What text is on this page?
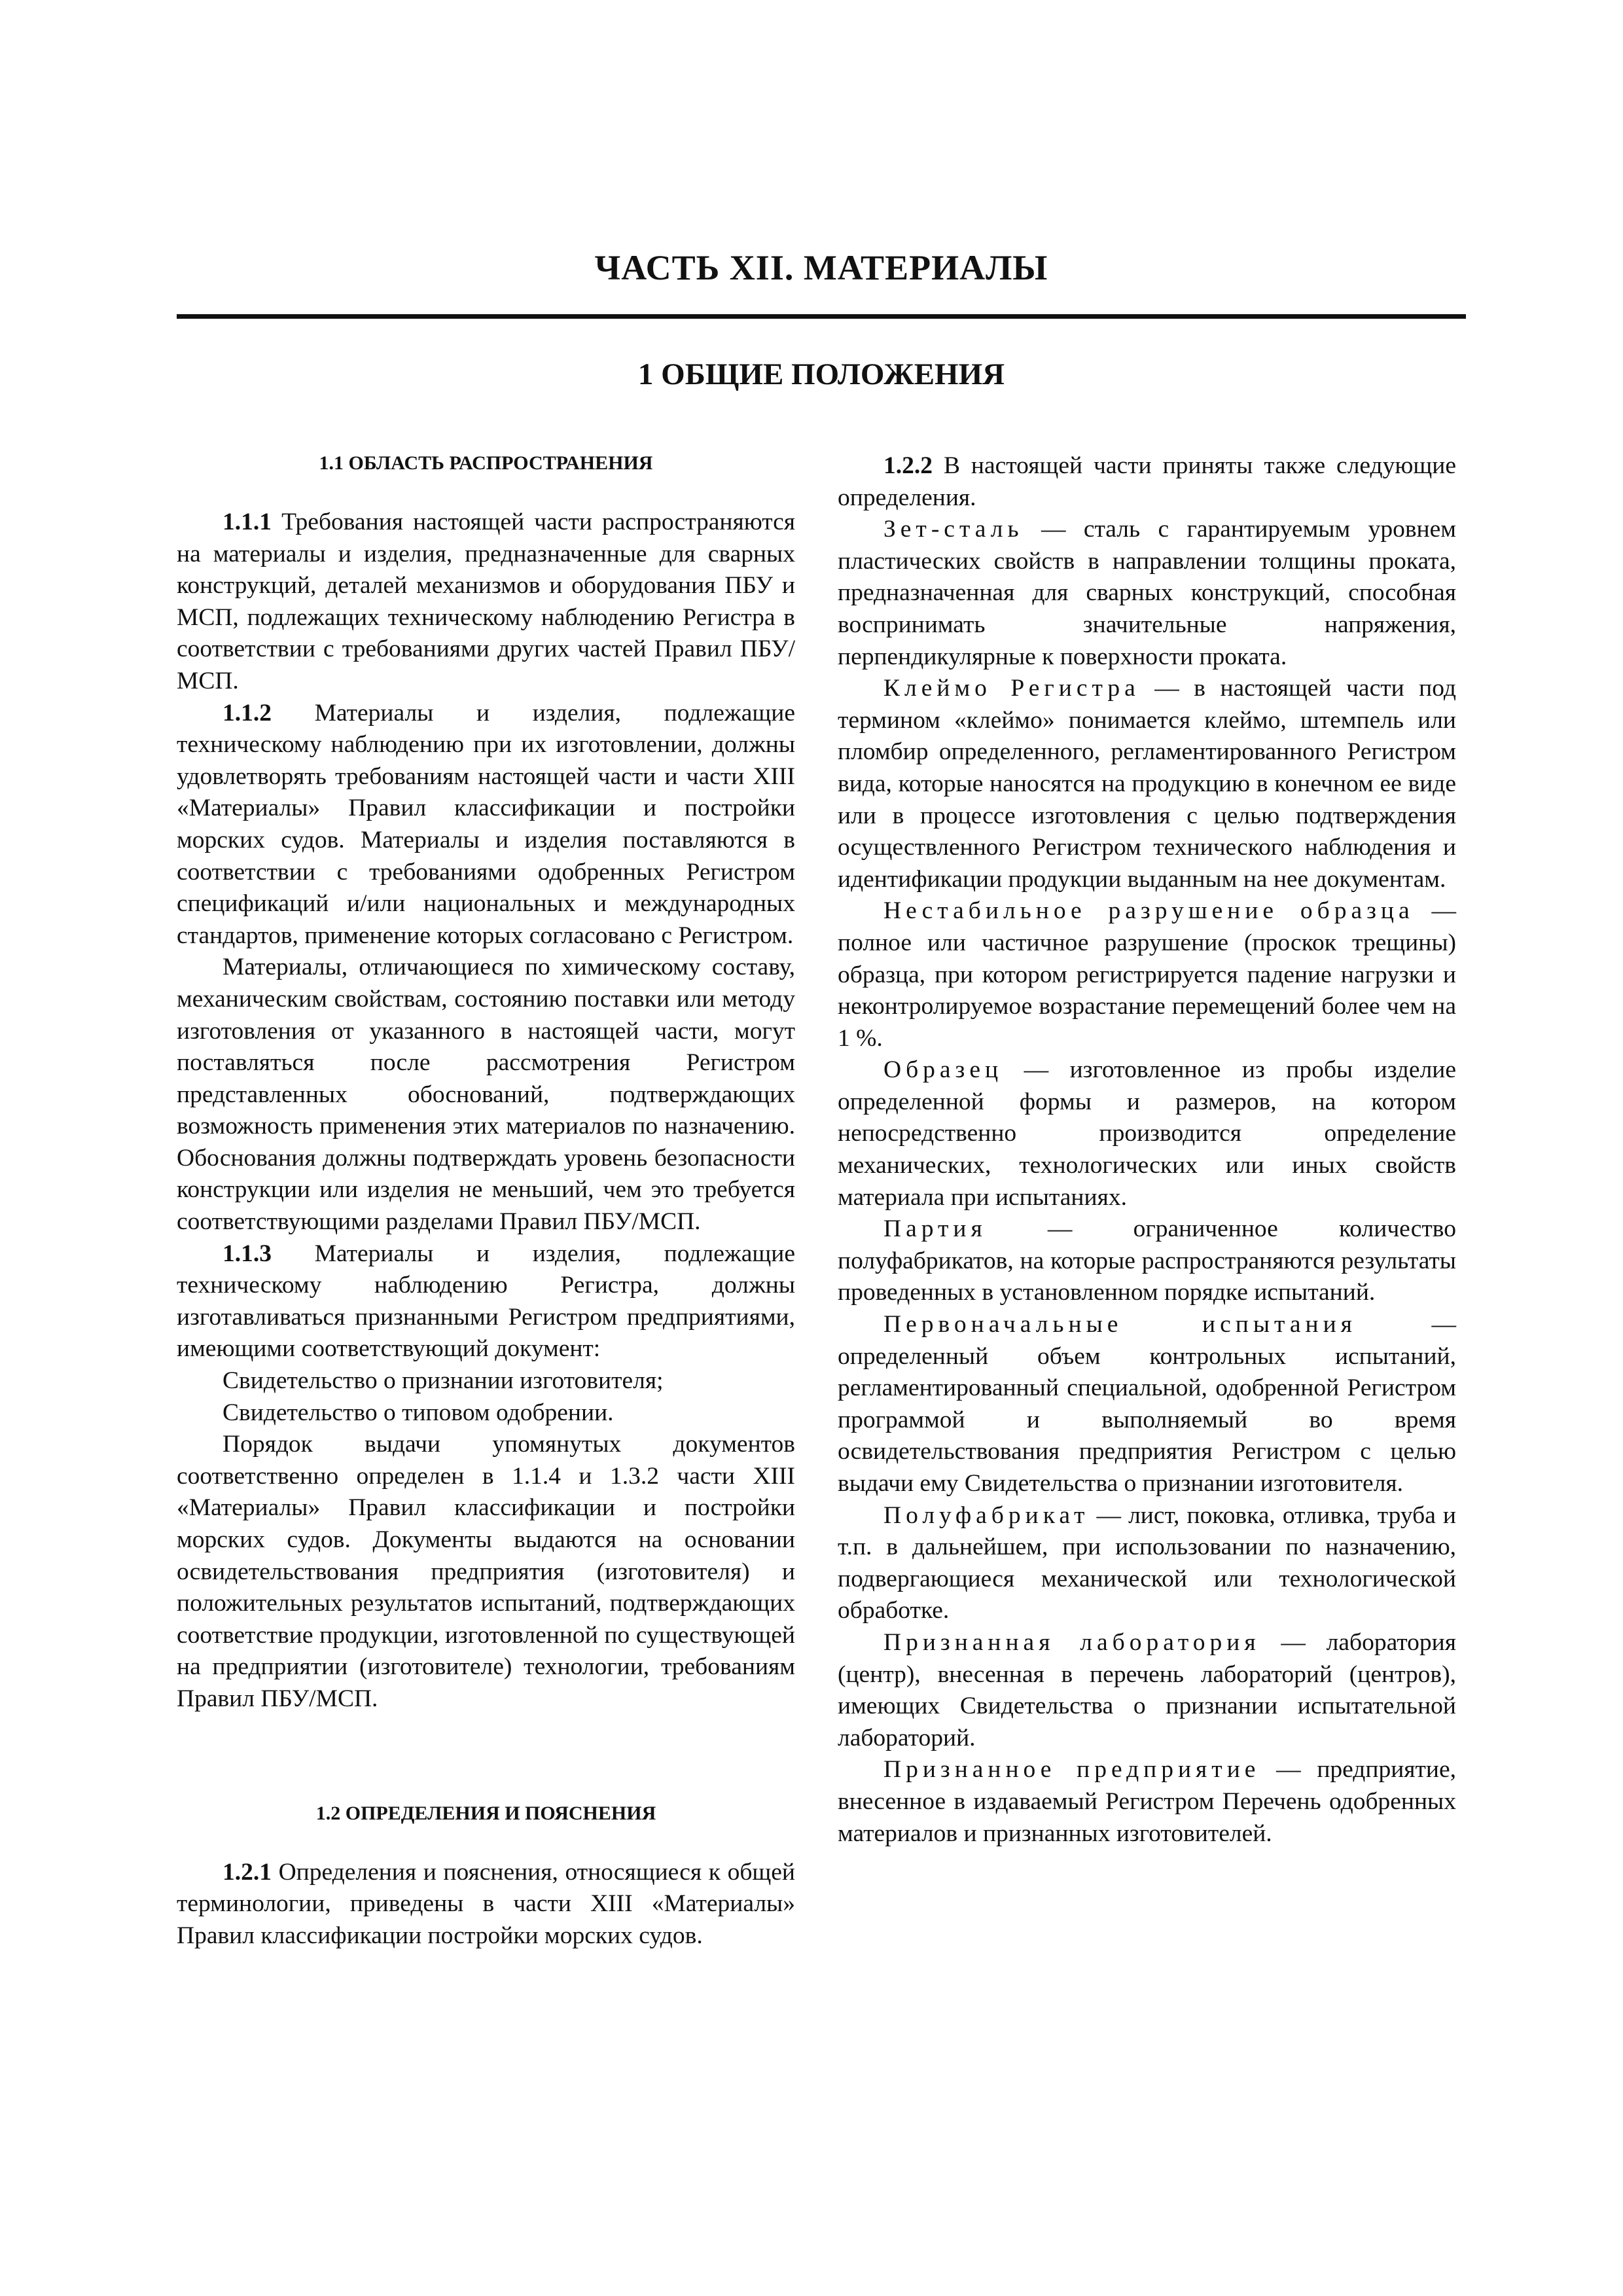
ЧАСТЬ XII. МАТЕРИАЛЫ
1 ОБЩИЕ ПОЛОЖЕНИЯ
1.1 ОБЛАСТЬ РАСПРОСТРАНЕНИЯ

1.1.1 Требования настоящей части распространяются на материалы и изделия, предназначенные для сварных конструкций, деталей механизмов и оборудования ПБУ и МСП, подлежащих техническому наблюдению Регистра в соответствии с требованиями других частей Правил ПБУ/МСП.

1.1.2 Материалы и изделия, подлежащие техническому наблюдению при их изготовлении, должны удовлетворять требованиям настоящей части и части XIII «Материалы» Правил классификации и постройки морских судов. Материалы и изделия поставляются в соответствии с требованиями одобренных Регистром спецификаций и/или национальных и международных стандартов, применение которых согласовано с Регистром.

Материалы, отличающиеся по химическому составу, механическим свойствам, состоянию поставки или методу изготовления от указанного в настоящей части, могут поставляться после рассмотрения Регистром представленных обоснований, подтверждающих возможность применения этих материалов по назначению. Обоснования должны подтверждать уровень безопасности конструкции или изделия не меньший, чем это требуется соответствующими разделами Правил ПБУ/МСП.

1.1.3 Материалы и изделия, подлежащие техническому наблюдению Регистра, должны изготавливаться признанными Регистром предприятиями, имеющими соответствующий документ:

Свидетельство о признании изготовителя;

Свидетельство о типовом одобрении.

Порядок выдачи упомянутых документов соответственно определен в 1.1.4 и 1.3.2 части XIII «Материалы» Правил классификации и постройки морских судов. Документы выдаются на основании освидетельствования предприятия (изготовителя) и положительных результатов испытаний, подтверждающих соответствие продукции, изготовленной по существующей на предприятии (изготовителе) технологии, требованиям Правил ПБУ/МСП.

1.2 ОПРЕДЕЛЕНИЯ И ПОЯСНЕНИЯ

1.2.1 Определения и пояснения, относящиеся к общей терминологии, приведены в части XIII «Материалы» Правил классификации постройки морских судов.

1.2.2 В настоящей части приняты также следующие определения.

Зет-сталь — сталь с гарантируемым уровнем пластических свойств в направлении толщины проката, предназначенная для сварных конструкций, способная воспринимать значительные напряжения, перпендикулярные к поверхности проката.

Клеймо Регистра — в настоящей части под термином «клеймо» понимается клеймо, штемпель или пломбир определенного, регламентированного Регистром вида, которые наносятся на продукцию в конечном ее виде или в процессе изготовления с целью подтверждения осуществленного Регистром технического наблюдения и идентификации продукции выданным на нее документам.

Нестабильное разрушение образца — полное или частичное разрушение (проскок трещины) образца, при котором регистрируется падение нагрузки и неконтролируемое возрастание перемещений более чем на 1 %.

Образец — изготовленное из пробы изделие определенной формы и размеров, на котором непосредственно производится определение механических, технологических или иных свойств материала при испытаниях.

Партия — ограниченное количество полуфабрикатов, на которые распространяются результаты проведенных в установленном порядке испытаний.

Первоначальные испытания — определенный объем контрольных испытаний, регламентированный специальной, одобренной Регистром программой и выполняемый во время освидетельствования предприятия Регистром с целью выдачи ему Свидетельства о признании изготовителя.

Полуфабрикат — лист, поковка, отливка, труба и т.п. в дальнейшем, при использовании по назначению, подвергающиеся механической или технологической обработке.

Признанная лаборатория — лаборатория (центр), внесенная в перечень лабораторий (центров), имеющих Свидетельства о признании испытательной лабораторий.

Признанное предприятие — предприятие, внесенное в издаваемый Регистром Перечень одобренных материалов и признанных изготовителей.
